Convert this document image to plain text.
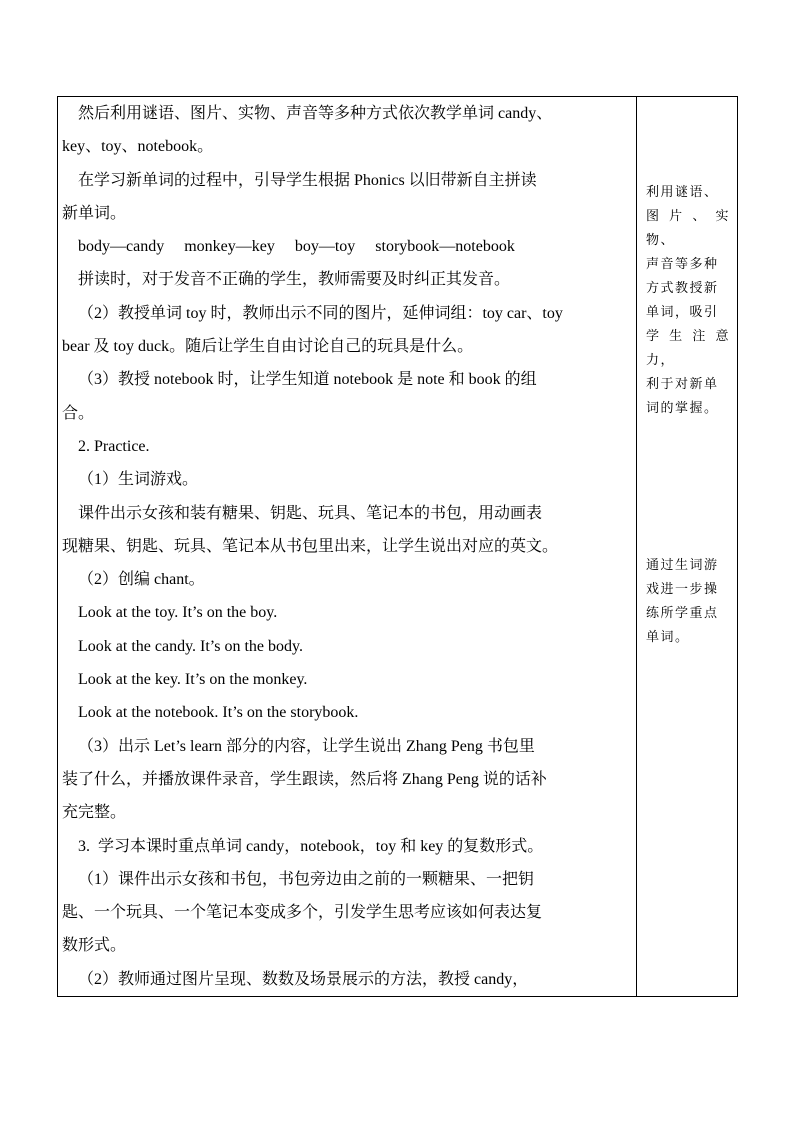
然后利用谜语、图片、实物、声音等多种方式依次教学单词 candy、

key、toy、notebook。

在学习新单词的过程中，引导学生根据 Phonics 以旧带新自主拼读

新单词。

body—candy     monkey—key     boy—toy     storybook—notebook

拼读时，对于发音不正确的学生，教师需要及时纠正其发音。

（2）教授单词 toy 时，教师出示不同的图片，延伸词组：toy car、toy

bear 及 toy duck。随后让学生自由讨论自己的玩具是什么。

（3）教授 notebook 时，让学生知道 notebook 是 note 和 book 的组

合。

2. Practice.

（1）生词游戏。

课件出示女孩和装有糖果、钥匙、玩具、笔记本的书包，用动画表

现糖果、钥匙、玩具、笔记本从书包里出来，让学生说出对应的英文。

（2）创编 chant。

Look at the toy. It’s on the boy.

Look at the candy. It’s on the body.

Look at the key. It’s on the monkey.

Look at the notebook. It’s on the storybook.

（3）出示 Let’s learn 部分的内容，让学生说出 Zhang Peng 书包里

装了什么，并播放课件录音，学生跟读，然后将 Zhang Peng 说的话补

充完整。

3.  学习本课时重点单词 candy，notebook，toy 和 key 的复数形式。

（1）课件出示女孩和书包，书包旁边由之前的一颗糖果、一把钥

匙、一个玩具、一个笔记本变成多个，引发学生思考应该如何表达复

数形式。

（2）教师通过图片呈现、数数及场景展示的方法，教授 candy，

利用谜语、

图片、实物、

声音等多种

方式教授新

单词，吸引

学生注意力，

利于对新单

词的掌握。

通过生词游

戏进一步操

练所学重点

单词。
